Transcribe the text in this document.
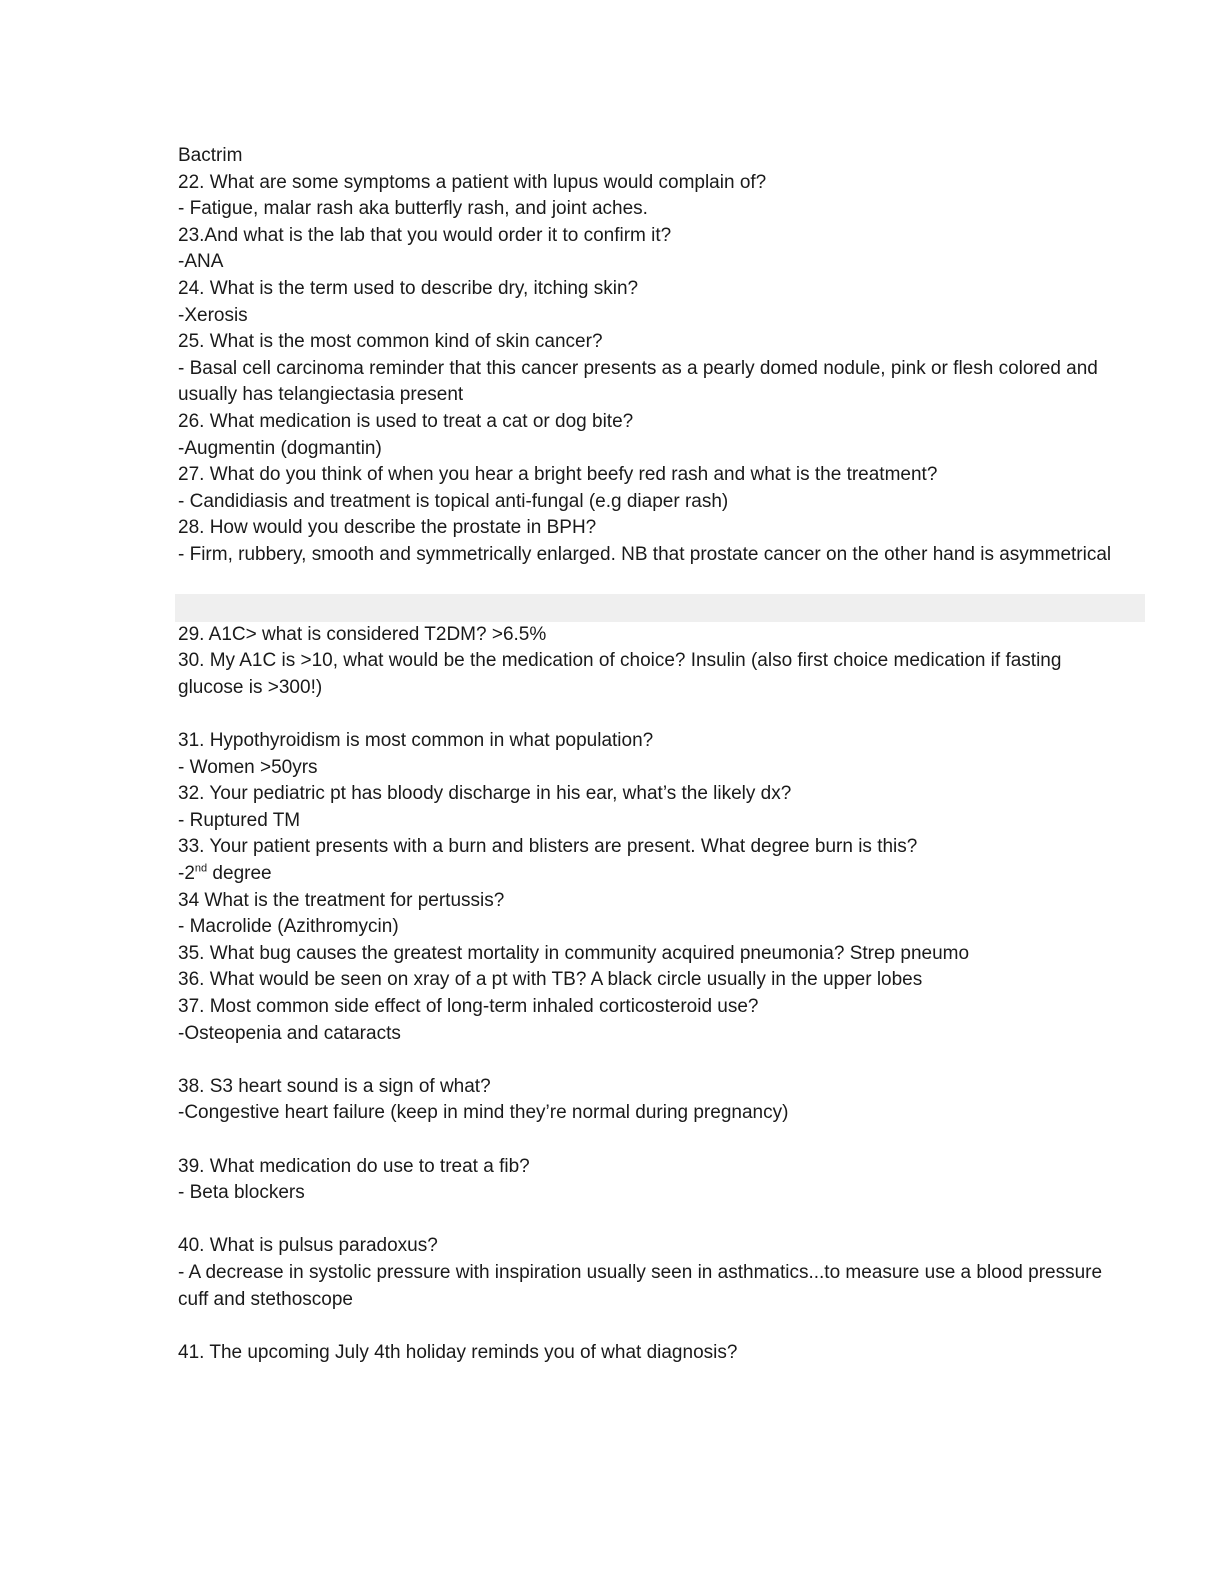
Bactrim
22. What are some symptoms a patient with lupus would complain of?
- Fatigue, malar rash aka butterfly rash, and joint aches.
23.And what is the lab that you would order it to confirm it?
-ANA
24. What is the term used to describe dry, itching skin?
-Xerosis
25. What is the most common kind of skin cancer?
- Basal cell carcinoma reminder that this cancer presents as a pearly domed nodule, pink or flesh colored and usually has telangiectasia present
26. What medication is used to treat a cat or dog bite?
-Augmentin (dogmantin)
27. What do you think of when you hear a bright beefy red rash and what is the treatment?
- Candidiasis and treatment is topical anti-fungal (e.g diaper rash)
28. How would you describe the prostate in BPH?
- Firm, rubbery, smooth and symmetrically enlarged. NB that prostate cancer on the other hand is asymmetrical
29. A1C> what is considered T2DM? >6.5%
30. My A1C is >10, what would be the medication of choice? Insulin (also first choice medication if fasting glucose is >300!)
31. Hypothyroidism is most common in what population?
- Women >50yrs
32. Your pediatric pt has bloody discharge in his ear, what’s the likely dx?
- Ruptured TM
33. Your patient presents with a burn and blisters are present. What degree burn is this?
-2nd degree
34 What is the treatment for pertussis?
- Macrolide (Azithromycin)
35. What bug causes the greatest mortality in community acquired pneumonia? Strep pneumo
36. What would be seen on xray of a pt with TB? A black circle usually in the upper lobes
37. Most common side effect of long-term inhaled corticosteroid use?
-Osteopenia and cataracts
38. S3 heart sound is a sign of what?
-Congestive heart failure (keep in mind they’re normal during pregnancy)
39. What medication do use to treat a fib?
- Beta blockers
40. What is pulsus paradoxus?
- A decrease in systolic pressure with inspiration usually seen in asthmatics...to measure use a blood pressure cuff and stethoscope
41. The upcoming July 4th holiday reminds you of what diagnosis?
